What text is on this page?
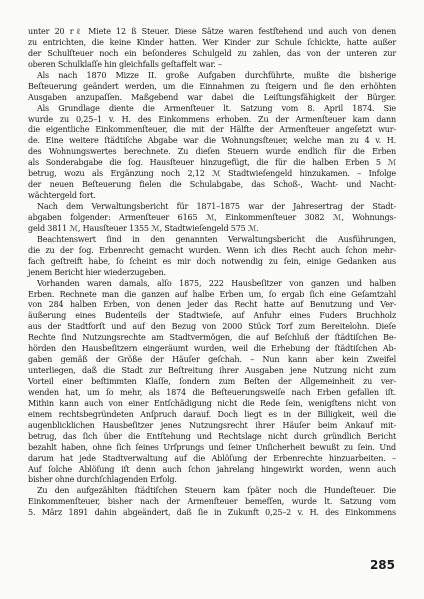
unter 20 rℓ Miete 12 ß Steuer. Diese Sätze waren festſtehend und auch von denen
zu entrichten, die keine Kinder hatten. Wer Kinder zur Schule ſchickte, hatte außer
der Schulſteuer noch ein beſonderes Schulgeld zu zahlen, das von der unteren zur
oberen Schulklaſſe hin gleichfalls geſtaffelt war. –
Als nach 1870 Mizze II. große Aufgaben durchführte, mußte die bisherige
Beſteuerung geändert werden, um die Einnahmen zu ſteigern und ſie den erhöhten
Ausgaben anzupaſſen. Maßgebend war dabei die Leiſtungsfähigkeit der Bürger.
Als Grundlage diente die Armenſteuer lt. Satzung vom 8. April 1874. Sie
wurde zu 0,25–1 v. H. des Einkommens erhoben. Zu der Armenſteuer kam dann
die eigentliche Einkommenſteuer, die mit der Hälfte der Armenſteuer angeſetzt wur-
de. Eine weitere ſtädtiſche Abgabe war die Wohnungsſteuer, welche man zu 4 v. H.
des Wohnungswertes berechnete. Zu dieſen Steuern wurde endlich für die Erben
als Sonderabgabe die ſog. Hausſteuer hinzugefügt, die für die halben Erben 5 ℳ
betrug, wozu als Ergänzung noch 2,12 ℳ Stadtwieſengeld hinzukamen. – Infolge
der neuen Beſteuerung fielen die Schulabgabe, das Schoß-, Wacht- und Nacht-
wächtergeld fort.
Nach dem Verwaltungsbericht für 1871–1875 war der Jahresertrag der Stadt-
abgaben folgender: Armenſteuer 6165 ℳ, Einkommenſteuer 3082 ℳ, Wohnungs-
geld 3811 ℳ, Hausſteuer 1355 ℳ, Stadtwieſengeld 575 ℳ.
Beachtenswert ſind in den genannten Verwaltungsbericht die Ausführungen,
die zu der ſog. Erbenrecht gemacht wurden. Wenn ich dies Recht auch ſchon mehr-
fach geſtreift habe, ſo ſcheint es mir doch notwendig zu ſein, einige Gedanken aus
jenem Bericht hier wiederzugeben.
Vorhanden waren damals, alſo 1875, 222 Hausbeſitzer von ganzen und halben
Erben. Rechnete man die ganzen auf halbe Erben um, ſo ergab ſich eine Geſamtzahl
von 284 halben Erben, von denen jeder das Recht hatte auf Benutzung und Ver-
äußerung eines Budenteils der Stadtwieſe, auf Anfuhr eines Fuders Bruchholz
aus der Stadtforſt und auf den Bezug von 2000 Stück Torf zum Bereitelohn. Dieſe
Rechte ſind Nutzungsrechte am Stadtvermögen, die auf Beſchluß der ſtädtiſchen Be-
hörden den Hausbeſitzern eingeräumt wurden, weil die Erhebung der ſtädtiſchen Ab-
gaben gemäß der Größe der Häuſer geſchah. – Nun kann aber kein Zweifel
unterliegen, daß die Stadt zur Beſtreitung ihrer Ausgaben jene Nutzung nicht zum
Vorteil einer beſtimmten Klaſſe, ſondern zum Beſten der Allgemeinheit zu ver-
wenden hat, um ſo mehr, als 1874 die Beſteuerungsweiſe nach Erben gefallen iſt.
Mithin kann auch von einer Entſchädigung nicht die Rede ſein, wenigſtens nicht von
einem rechtsbegründeten Anſpruch darauf. Doch liegt es in der Billigkeit, weil die
augenblicklichen Hausbeſitzer jenes Nutzungsrecht ihrer Häuſer beim Ankauf mit-
betrug, das ſich über die Entſtehung und Rechtslage nicht durch gründlich Bericht
bezahlt haben, ohne ſich ſeines Urſprungs und ſeiner Unſicherheit bewußt zu ſein. Und
darum hat jede Stadtverwaltung auf die Ablöſung der Erbenrechte hinzuarbeiten. –
Auf ſolche Ablöſung iſt denn auch ſchon jahrelang hingewirkt worden, wenn auch
bisher ohne durchſchlagenden Erfolg.
Zu den aufgezählten ſtädtiſchen Steuern kam ſpäter noch die Hundeſteuer. Die
Einkommenſteuer, bisher nach der Armenſteuer bemeſſen, wurde lt. Satzung vom
5. März 1891 dahin abgeändert, daß ſie in Zukunft 0,25–2 v. H. des Einkommens

285
